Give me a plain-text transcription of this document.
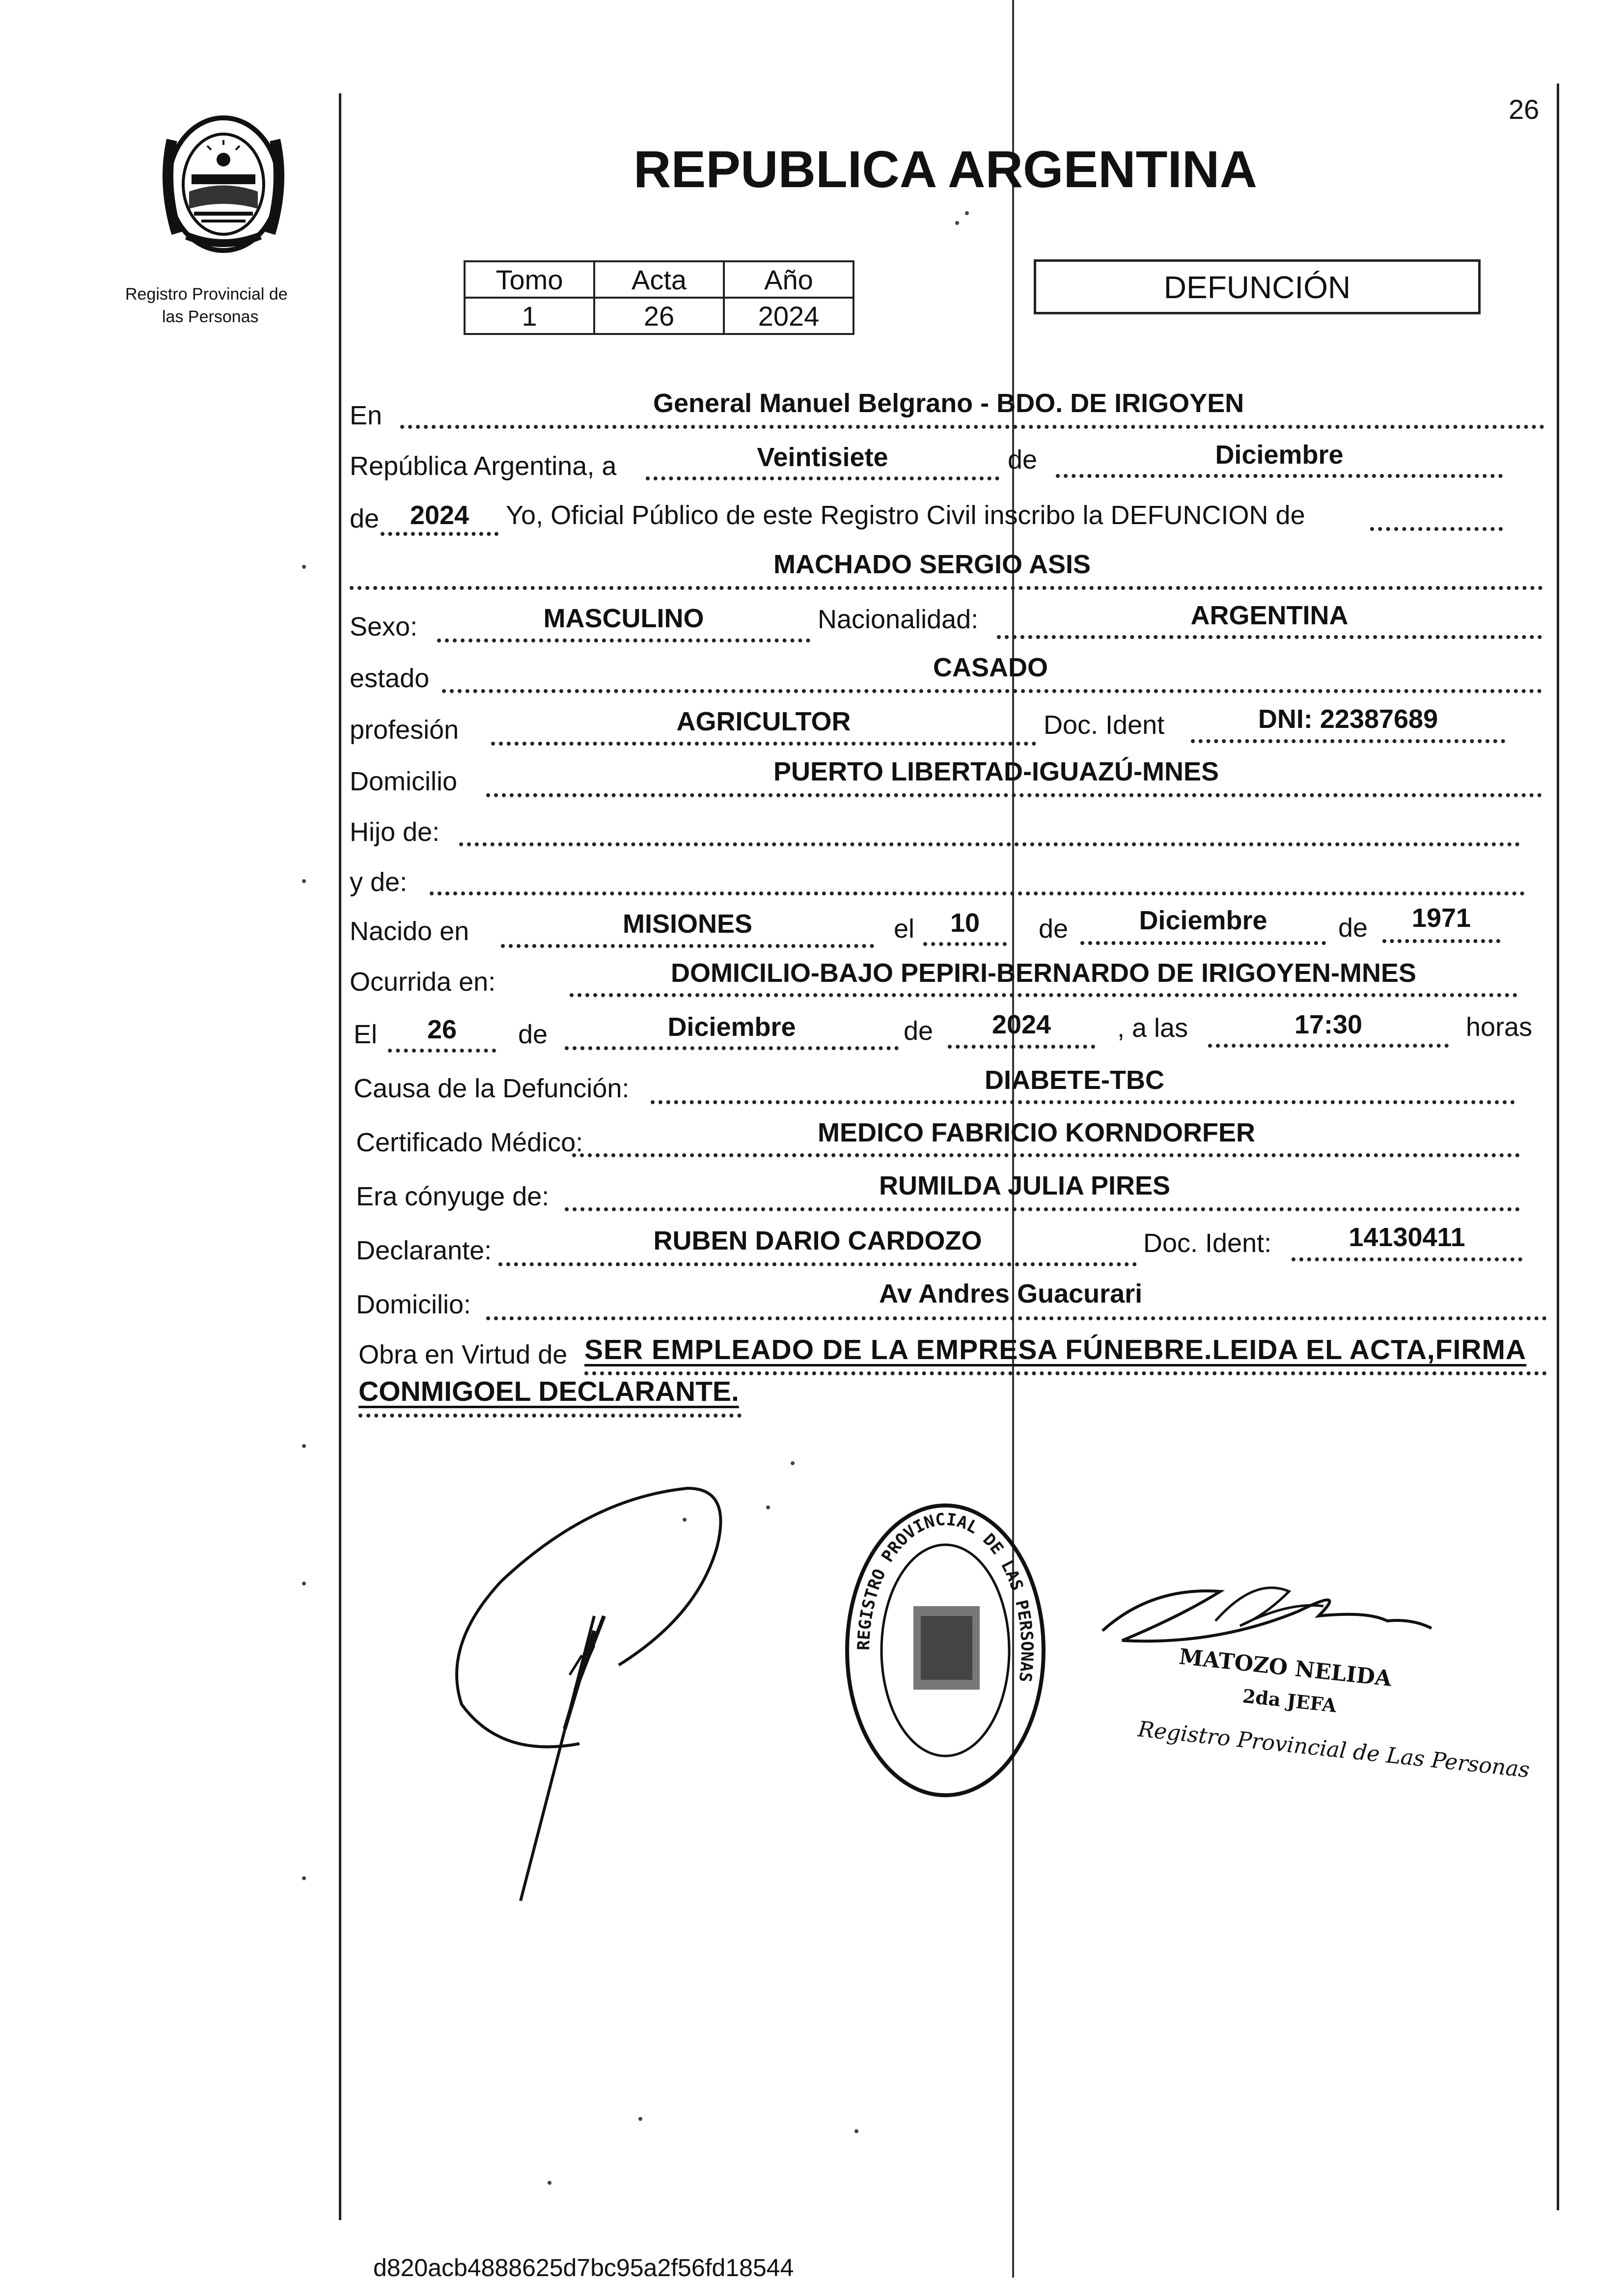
26
Registro Provincial de
las Personas
REPUBLICA ARGENTINA
Tomo	Acta	Año
1	26	2024
DEFUNCIÓN
En	General Manuel Belgrano - BDO. DE IRIGOYEN
República Argentina, a	Veintisiete	de	Diciembre
de	2024	Yo, Oficial Público de este Registro Civil inscribo la DEFUNCION de
MACHADO SERGIO ASIS
Sexo:	MASCULINO	Nacionalidad:	ARGENTINA
estado	CASADO
profesión	AGRICULTOR	Doc. Ident	DNI: 22387689
Domicilio	PUERTO LIBERTAD-IGUAZÚ-MNES
Hijo de:
y de:
Nacido en	MISIONES	el	10	de	Diciembre	de	1971
Ocurrida en:	DOMICILIO-BAJO PEPIRI-BERNARDO DE IRIGOYEN-MNES
El	26	de	Diciembre	de	2024	, a las	17:30	horas
Causa de la Defunción:	DIABETE-TBC
Certificado Médico:	MEDICO FABRICIO KORNDORFER
Era cónyuge de:	RUMILDA JULIA PIRES
Declarante:	RUBEN DARIO CARDOZO	Doc. Ident:	14130411
Domicilio:	Av Andres Guacurari
Obra en Virtud de SER EMPLEADO DE LA EMPRESA FÚNEBRE.LEIDA EL ACTA,FIRMA
CONMIGOEL DECLARANTE.
REGISTRO PROVINCIAL DE LAS PERSONAS	MATOZO NELIDA
2da JEFA
Registro Provincial de Las Personas
d820acb4888625d7bc95a2f56fd18544
